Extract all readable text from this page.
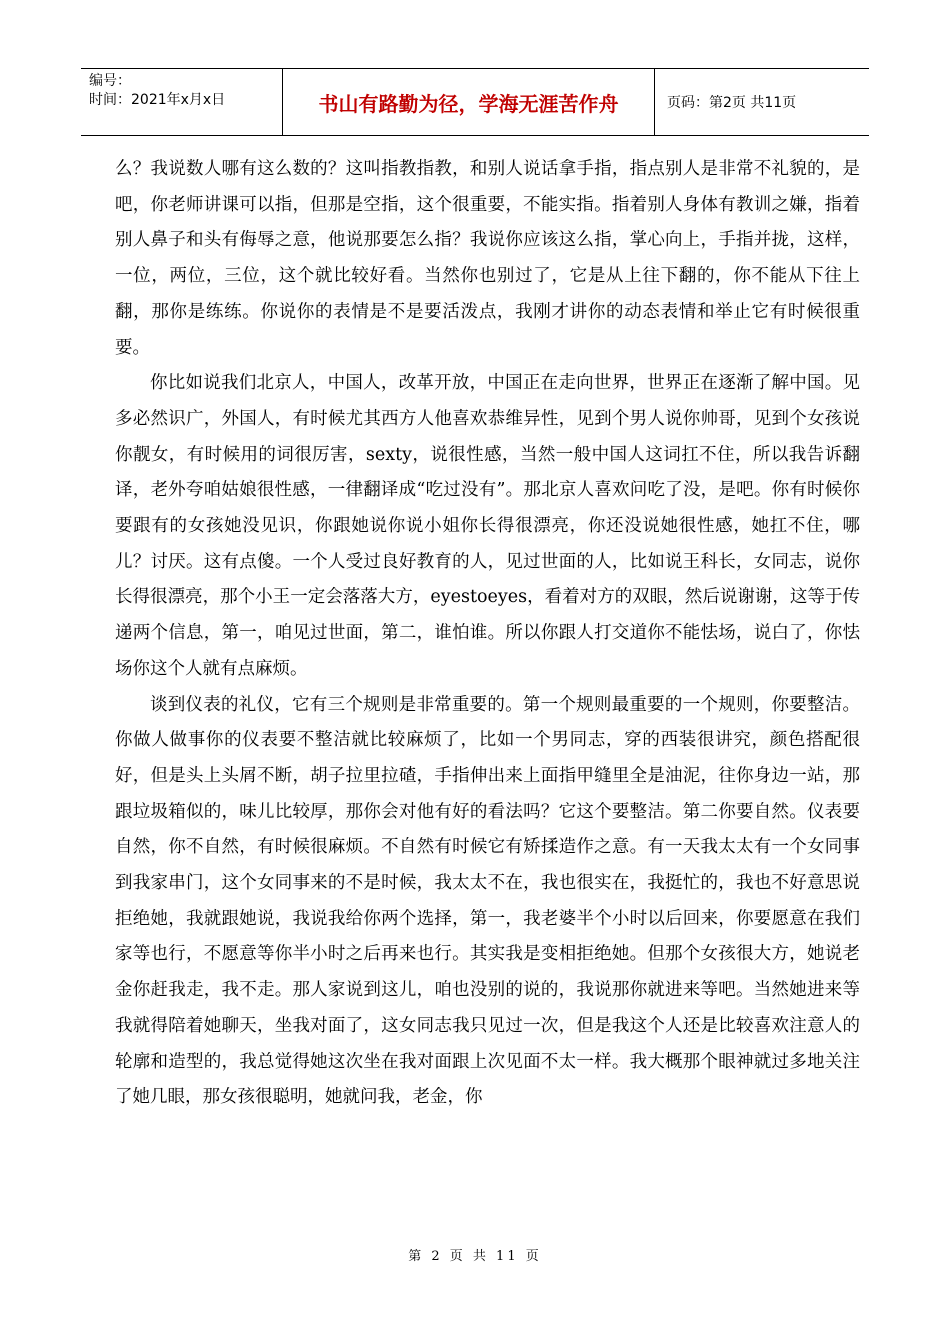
编号：
时间：2021年x月x日	书山有路勤为径，学海无涯苦作舟	页码：第2页 共11页

么？我说数人哪有这么数的？这叫指教指教，和别人说话拿手指，指点别人是非常不礼貌的，是吧，你老师讲课可以指，但那是空指，这个很重要，不能实指。指着别人身体有教训之嫌，指着别人鼻子和头有侮辱之意，他说那要怎么指？我说你应该这么指，掌心向上，手指并拢，这样，一位，两位，三位，这个就比较好看。当然你也别过了，它是从上往下翻的，你不能从下往上翻，那你是练练。你说你的表情是不是要活泼点，我刚才讲你的动态表情和举止它有时候很重要。

你比如说我们北京人，中国人，改革开放，中国正在走向世界，世界正在逐渐了解中国。见多必然识广，外国人，有时候尤其西方人他喜欢恭维异性，见到个男人说你帅哥，见到个女孩说你靓女，有时候用的词很厉害，sexty，说很性感，当然一般中国人这词扛不住，所以我告诉翻译，老外夸咱姑娘很性感，一律翻译成“吃过没有”。那北京人喜欢问吃了没，是吧。你有时候你要跟有的女孩她没见识，你跟她说你说小姐你长得很漂亮，你还没说她很性感，她扛不住，哪儿？讨厌。这有点傻。一个人受过良好教育的人，见过世面的人，比如说王科长，女同志，说你长得很漂亮，那个小王一定会落落大方，eyestoeyes，看着对方的双眼，然后说谢谢，这等于传递两个信息，第一，咱见过世面，第二，谁怕谁。所以你跟人打交道你不能怯场，说白了，你怯场你这个人就有点麻烦。

谈到仪表的礼仪，它有三个规则是非常重要的。第一个规则最重要的一个规则，你要整洁。你做人做事你的仪表要不整洁就比较麻烦了，比如一个男同志，穿的西装很讲究，颜色搭配很好，但是头上头屑不断，胡子拉里拉碴，手指伸出来上面指甲缝里全是油泥，往你身边一站，那跟垃圾箱似的，味儿比较厚，那你会对他有好的看法吗？它这个要整洁。第二你要自然。仪表要自然，你不自然，有时候很麻烦。不自然有时候它有矫揉造作之意。有一天我太太有一个女同事到我家串门，这个女同事来的不是时候，我太太不在，我也很实在，我挺忙的，我也不好意思说拒绝她，我就跟她说，我说我给你两个选择，第一，我老婆半个小时以后回来，你要愿意在我们家等也行，不愿意等你半小时之后再来也行。其实我是变相拒绝她。但那个女孩很大方，她说老金你赶我走，我不走。那人家说到这儿，咱也没别的说的，我说那你就进来等吧。当然她进来等我就得陪着她聊天，坐我对面了，这女同志我只见过一次，但是我这个人还是比较喜欢注意人的轮廓和造型的，我总觉得她这次坐在我对面跟上次见面不太一样。我大概那个眼神就过多地关注了她几眼，那女孩很聪明，她就问我，老金，你

第 2 页 共 11 页
